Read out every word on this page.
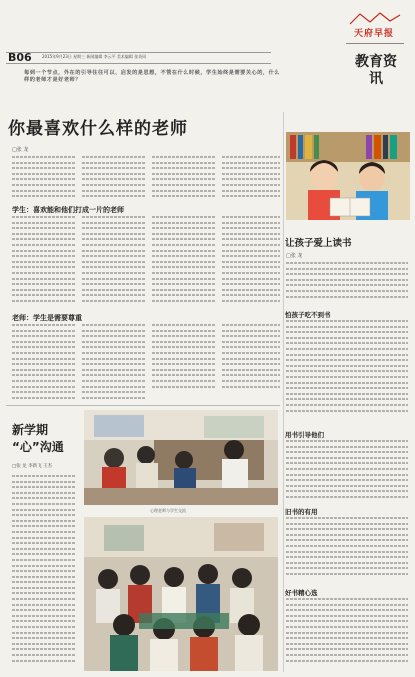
B06	2015年9月23日 星期三 新闻编辑 李云平 美术编辑 张英同
天府早报
教育资讯
每到一个节点，外在的引导往往可以、启发的是思想，不管在什么时候，学生始终是需要关心的，什么样的老师才是好老师？
你最喜欢什么样的老师
□张 龙
学生：喜欢能和他们打成一片的老师
老师：学生是需要尊重
新学期
“心”沟通
□张 龙 李新飞 王杰
心理老师与学生交流
让孩子爱上读书
□张 龙
怕孩子吃不到书
用书引导他们
旧书的有用
好书精心选
